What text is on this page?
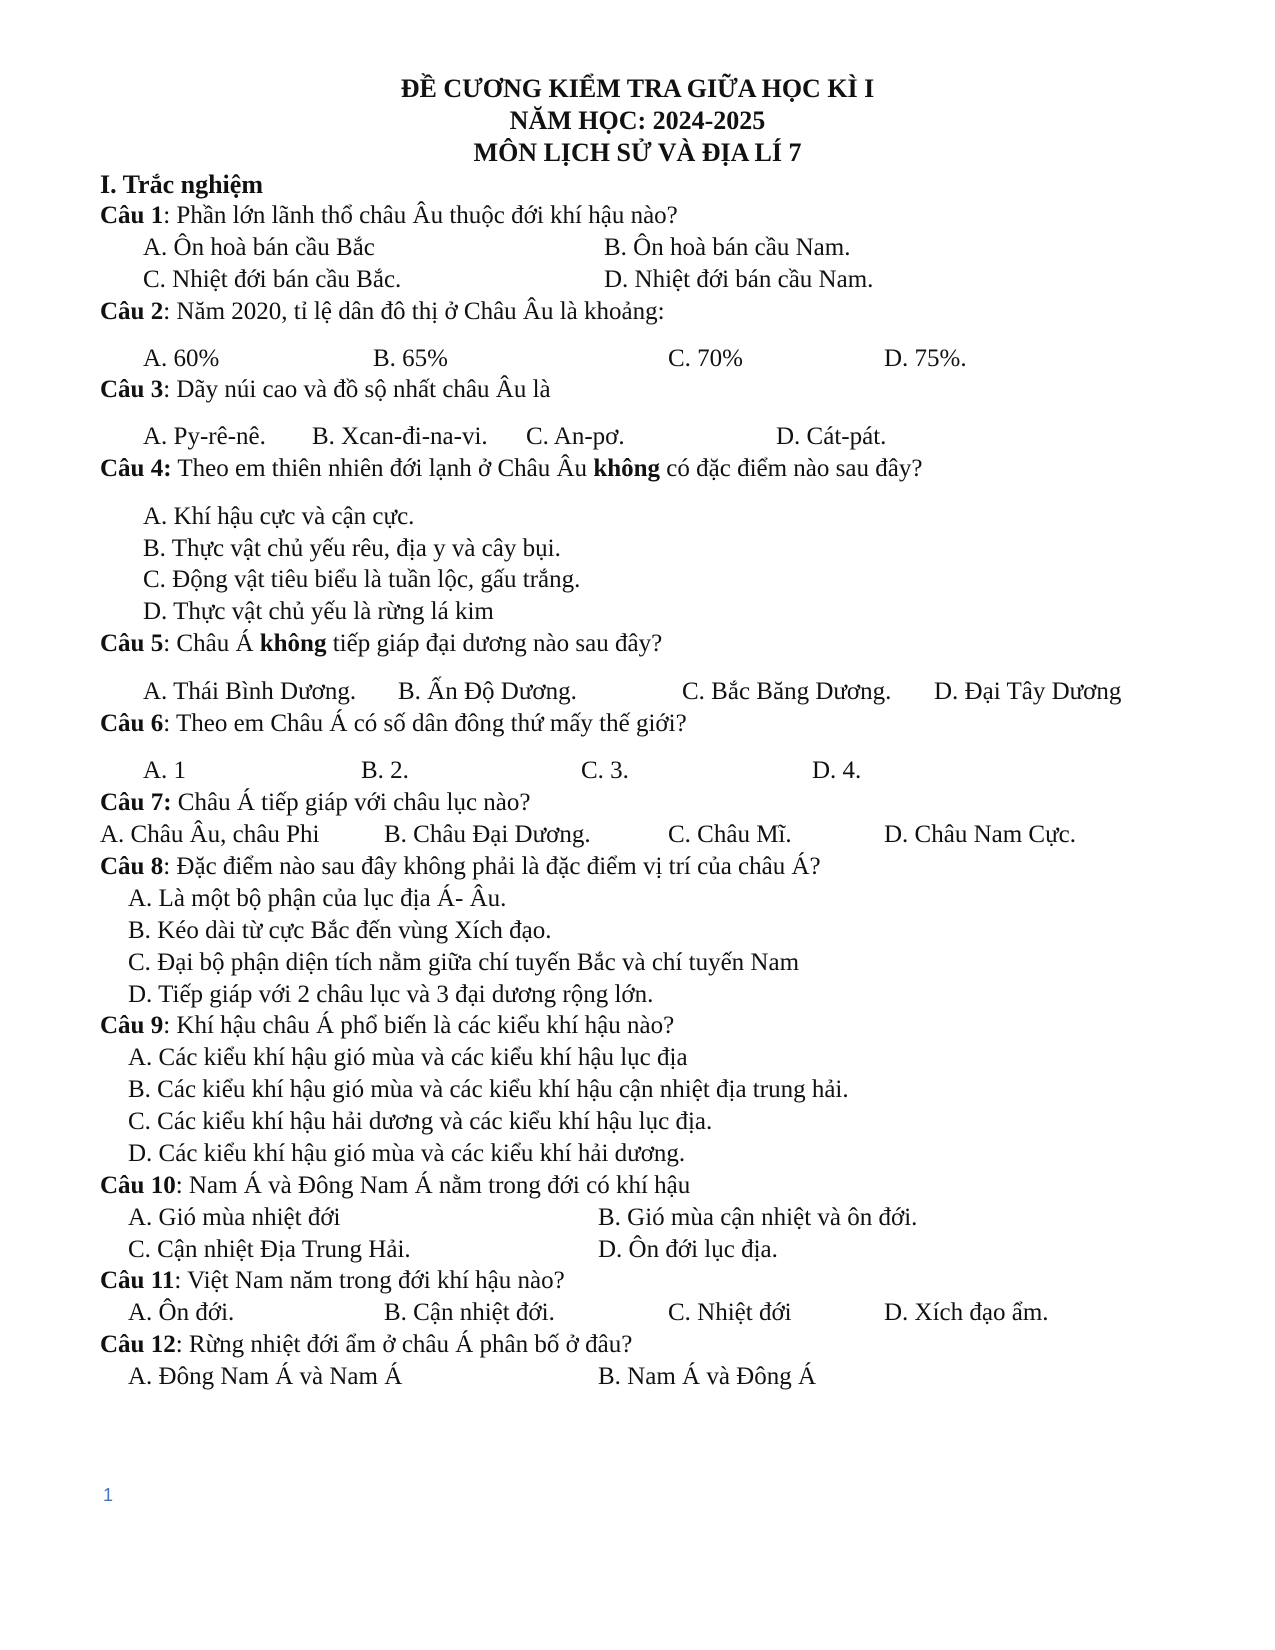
ĐỀ CƯƠNG KIỂM TRA GIỮA HỌC KÌ I
NĂM HỌC: 2024-2025
MÔN LỊCH SỬ VÀ ĐỊA LÍ 7
I. Trắc nghiệm
Câu 1: Phần lớn lãnh thổ châu Âu thuộc đới khí hậu nào?
A. Ôn hoà bán cầu Bắc	B. Ôn hoà bán cầu Nam.
C. Nhiệt đới bán cầu Bắc.	D. Nhiệt đới bán cầu Nam.
Câu 2: Năm 2020, tỉ lệ dân đô thị ở Châu Âu là khoảng:
A. 60%	B. 65%	C. 70%	D. 75%.
Câu 3: Dãy núi cao và đồ sộ nhất châu Âu là
A. Py-rê-nê. B. Xcan-đi-na-vi. C. An-pơ.	D. Cát-pát.
Câu 4: Theo em thiên nhiên đới lạnh ở Châu Âu không có đặc điểm nào sau đây?
A. Khí hậu cực và cận cực.
B. Thực vật chủ yếu rêu, địa y và cây bụi.
C. Động vật tiêu biểu là tuần lộc, gấu trắng.
D. Thực vật chủ yếu là rừng lá kim
Câu 5: Châu Á không tiếp giáp đại dương nào sau đây?
A. Thái Bình Dương. B. Ấn Độ Dương.	C. Bắc Băng Dương. D. Đại Tây Dương
Câu 6: Theo em Châu Á có số dân đông thứ mấy thế giới?
A. 1	B. 2.	C. 3.	D. 4.
Câu 7: Châu Á tiếp giáp với châu lục nào?
A. Châu Âu, châu Phi	B. Châu Đại Dương.	C. Châu Mĩ.	D. Châu Nam Cực.
Câu 8: Đặc điểm nào sau đây không phải là đặc điểm vị trí của châu Á?
A. Là một bộ phận của lục địa Á- Âu.
B. Kéo dài từ cực Bắc đến vùng Xích đạo.
C. Đại bộ phận diện tích nằm giữa chí tuyến Bắc và chí tuyến Nam
D. Tiếp giáp với 2 châu lục và 3 đại dương rộng lớn.
Câu 9: Khí hậu châu Á phổ biến là các kiểu khí hậu nào?
A. Các kiểu khí hậu gió mùa và các kiểu khí hậu lục địa
B. Các kiểu khí hậu gió mùa và các kiểu khí hậu cận nhiệt địa trung hải.
C. Các kiểu khí hậu hải dương và các kiểu khí hậu lục địa.
D. Các kiểu khí hậu gió mùa và các kiểu khí hải dương.
Câu 10: Nam Á và Đông Nam Á nằm trong đới có khí hậu
A. Gió mùa nhiệt đới	B. Gió mùa cận nhiệt và ôn đới.
C. Cận nhiệt Địa Trung Hải.	D. Ôn đới lục địa.
Câu 11: Việt Nam năm trong đới khí hậu nào?
A. Ôn đới.	B. Cận nhiệt đới.	C. Nhiệt đới	D. Xích đạo ẩm.
Câu 12: Rừng nhiệt đới ẩm ở châu Á phân bố ở đâu?
A. Đông Nam Á và Nam Á	B. Nam Á và Đông Á
1
